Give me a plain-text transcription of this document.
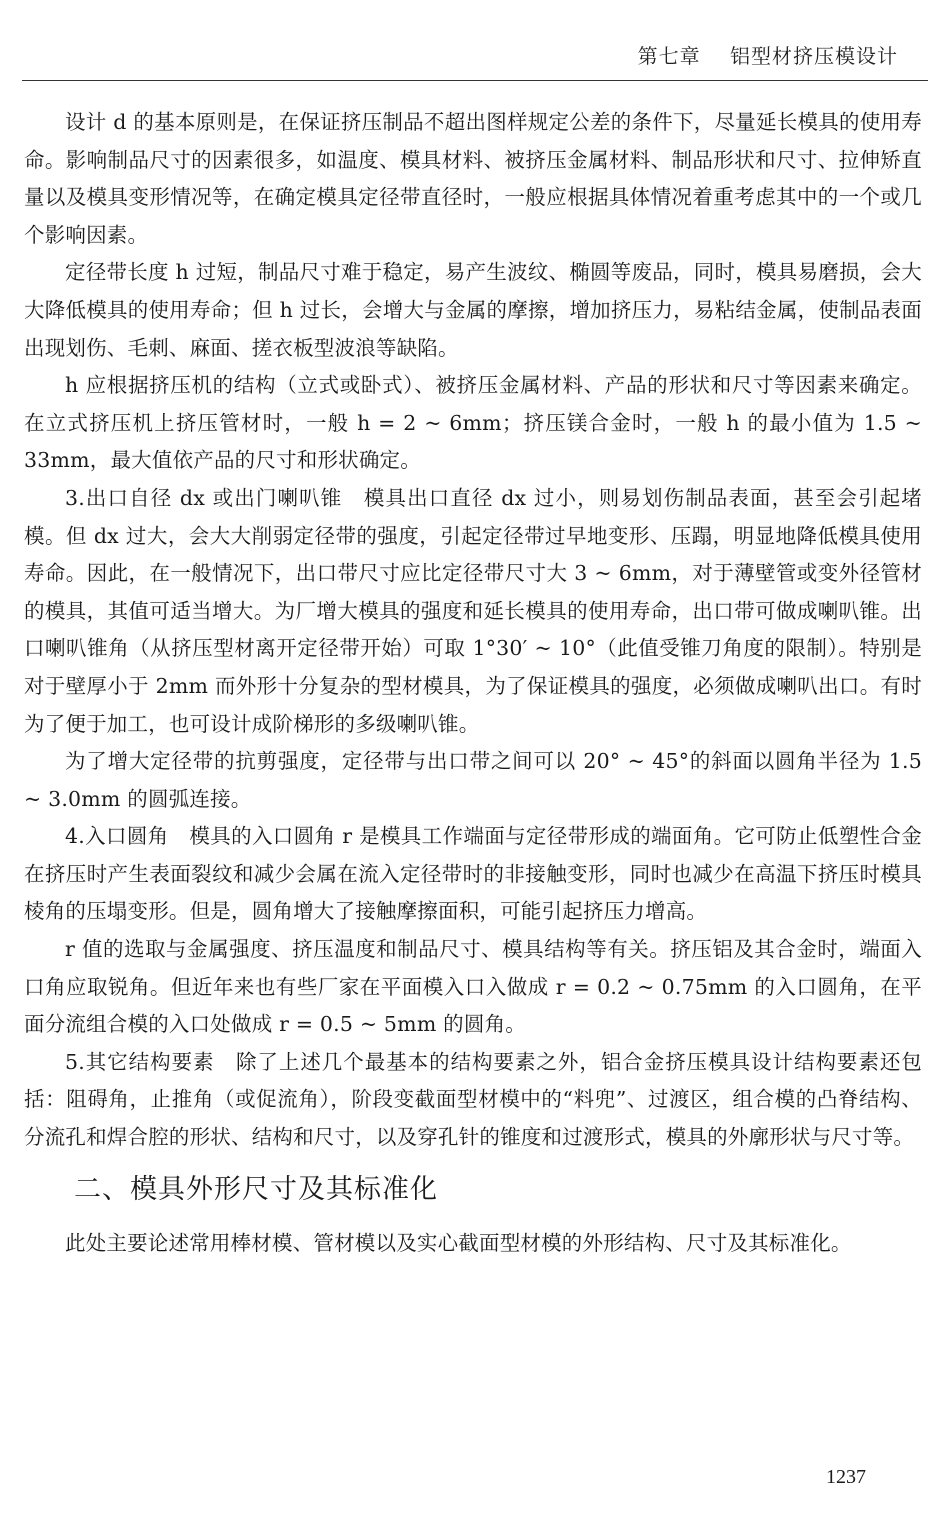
第七章 铝型材挤压模设计

设计 d 的基本原则是，在保证挤压制品不超出图样规定公差的条件下，尽量延长模具的使用寿命。影响制品尺寸的因素很多，如温度、模具材料、被挤压金属材料、制品形状和尺寸、拉伸矫直量以及模具变形情况等，在确定模具定径带直径时，一般应根据具体情况着重考虑其中的一个或几个影响因素。

定径带长度 h 过短，制品尺寸难于稳定，易产生波纹、椭圆等废品，同时，模具易磨损，会大大降低模具的使用寿命；但 h 过长，会增大与金属的摩擦，增加挤压力，易粘结金属，使制品表面出现划伤、毛刺、麻面、搓衣板型波浪等缺陷。

h 应根据挤压机的结构（立式或卧式）、被挤压金属材料、产品的形状和尺寸等因素来确定。在立式挤压机上挤压管材时，一般 h = 2 ~ 6mm；挤压镁合金时，一般 h 的最小值为 1.5 ~ 33mm，最大值依产品的尺寸和形状确定。

3.出口自径 dx 或出门喇叭锥　模具出口直径 dx 过小，则易划伤制品表面，甚至会引起堵模。但 dx 过大，会大大削弱定径带的强度，引起定径带过早地变形、压蹋，明显地降低模具使用寿命。因此，在一般情况下，出口带尺寸应比定径带尺寸大 3 ~ 6mm，对于薄壁管或变外径管材的模具，其值可适当增大。为厂增大模具的强度和延长模具的使用寿命，出口带可做成喇叭锥。出口喇叭锥角（从挤压型材离开定径带开始）可取 1°30′ ~ 10°（此值受锥刀角度的限制）。特别是对于壁厚小于 2mm 而外形十分复杂的型材模具，为了保证模具的强度，必须做成喇叭出口。有时为了便于加工，也可设计成阶梯形的多级喇叭锥。

为了增大定径带的抗剪强度，定径带与出口带之间可以 20° ~ 45°的斜面以圆角半径为 1.5 ~ 3.0mm 的圆弧连接。

4.入口圆角　模具的入口圆角 r 是模具工作端面与定径带形成的端面角。它可防止低塑性合金在挤压时产生表面裂纹和减少会属在流入定径带时的非接触变形，同时也减少在高温下挤压时模具棱角的压塌变形。但是，圆角增大了接触摩擦面积，可能引起挤压力增高。

r 值的选取与金属强度、挤压温度和制品尺寸、模具结构等有关。挤压铝及其合金时，端面入口角应取锐角。但近年来也有些厂家在平面模入口入做成 r = 0.2 ~ 0.75mm 的入口圆角，在平面分流组合模的入口处做成 r = 0.5 ~ 5mm 的圆角。

5.其它结构要素　除了上述几个最基本的结构要素之外，铝合金挤压模具设计结构要素还包括：阻碍角，止推角（或促流角），阶段变截面型材模中的“料兜”、过渡区，组合模的凸脊结构、分流孔和焊合腔的形状、结构和尺寸，以及穿孔针的锥度和过渡形式，模具的外廓形状与尺寸等。

二、模具外形尺寸及其标准化

此处主要论述常用棒材模、管材模以及实心截面型材模的外形结构、尺寸及其标准化。

1237
